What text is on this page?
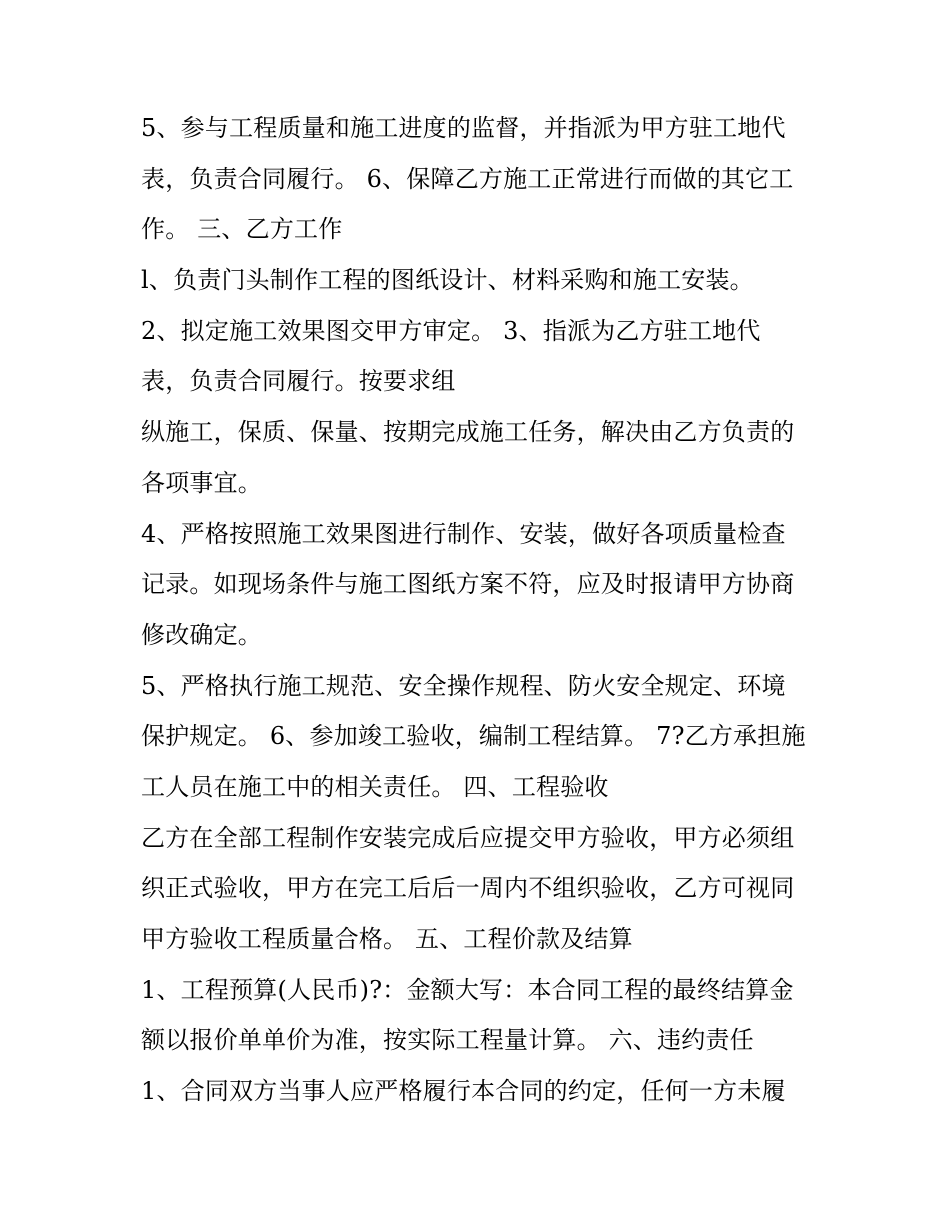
5、参与工程质量和施工进度的监督，并指派为甲方驻工地代
表，负责合同履行。 6、保障乙方施工正常进行而做的其它工
作。 三、乙方工作
l、负责门头制作工程的图纸设计、材料采购和施工安装。
2、拟定施工效果图交甲方审定。 3、指派为乙方驻工地代
表，负责合同履行。按要求组
纵施工，保质、保量、按期完成施工任务，解决由乙方负责的
各项事宜。
4、严格按照施工效果图进行制作、安装，做好各项质量检查
记录。如现场条件与施工图纸方案不符，应及时报请甲方协商
修改确定。
5、严格执行施工规范、安全操作规程、防火安全规定、环境
保护规定。 6、参加竣工验收，编制工程结算。 7?乙方承担施
工人员在施工中的相关责任。 四、工程验收
乙方在全部工程制作安装完成后应提交甲方验收，甲方必须组
织正式验收，甲方在完工后后一周内不组织验收，乙方可视同
甲方验收工程质量合格。 五、工程价款及结算
1、工程预算(人民币)?：金额大写：本合同工程的最终结算金
额以报价单单价为准，按实际工程量计算。 六、违约责任
1、合同双方当事人应严格履行本合同的约定，任何一方未履
